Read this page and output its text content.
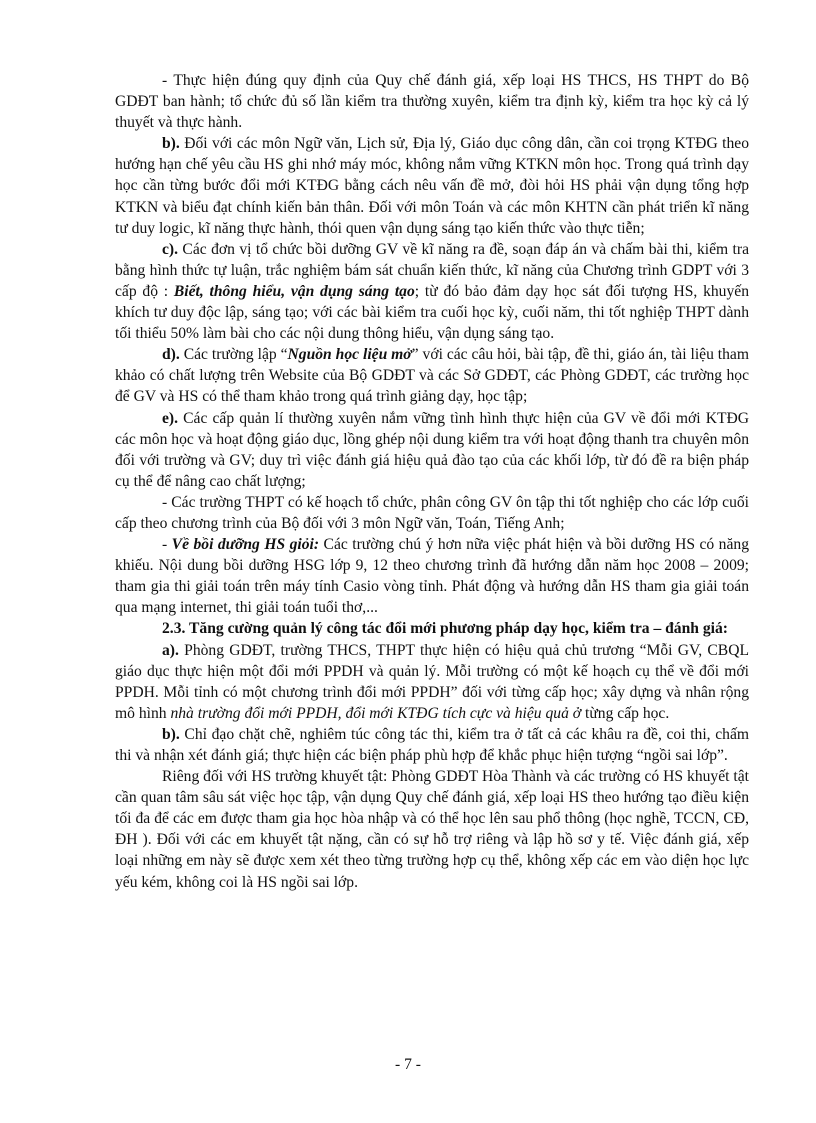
- Thực hiện đúng quy định của Quy chế đánh giá, xếp loại HS THCS, HS THPT do Bộ GDĐT ban hành; tổ chức đủ số lần kiểm tra thường xuyên, kiểm tra định kỳ, kiểm tra học kỳ cả lý thuyết và thực hành.

b). Đối với các môn Ngữ văn, Lịch sử, Địa lý, Giáo dục công dân, cần coi trọng KTĐG theo hướng hạn chế yêu cầu HS ghi nhớ máy móc, không nắm vững KTKN môn học. Trong quá trình dạy học cần từng bước đổi mới KTĐG bằng cách nêu vấn đề mở, đòi hỏi HS phải vận dụng tổng hợp KTKN và biểu đạt chính kiến bản thân. Đối với môn Toán và các môn KHTN cần phát triển kĩ năng tư duy logic, kĩ năng thực hành, thói quen vận dụng sáng tạo kiến thức vào thực tiễn;

c). Các đơn vị tổ chức bồi dưỡng GV về kĩ năng ra đề, soạn đáp án và chấm bài thi, kiểm tra bằng hình thức tự luận, trắc nghiệm bám sát chuẩn kiến thức, kĩ năng của Chương trình GDPT với 3 cấp độ : Biết, thông hiểu, vận dụng sáng tạo; từ đó bảo đảm dạy học sát đối tượng HS, khuyến khích tư duy độc lập, sáng tạo; với các bài kiểm tra cuối học kỳ, cuối năm, thi tốt nghiệp THPT dành tối thiểu 50% làm bài cho các nội dung thông hiểu, vận dụng sáng tạo.

d). Các trường lập “Nguồn học liệu mở” với các câu hỏi, bài tập, đề thi, giáo án, tài liệu tham khảo có chất lượng trên Website của Bộ GDĐT và các Sở GDĐT, các Phòng GDĐT, các trường học để GV và HS có thể tham khảo trong quá trình giảng dạy, học tập;

e). Các cấp quản lí thường xuyên nắm vững tình hình thực hiện của GV về đổi mới KTĐG các môn học và hoạt động giáo dục, lồng ghép nội dung kiểm tra với hoạt động thanh tra chuyên môn đối với trường và GV; duy trì việc đánh giá hiệu quả đào tạo của các khối lớp, từ đó đề ra biện pháp cụ thể để nâng cao chất lượng;

- Các trường THPT có kế hoạch tổ chức, phân công GV ôn tập thi tốt nghiệp cho các lớp cuối cấp theo chương trình của Bộ đối với 3 môn Ngữ văn, Toán, Tiếng Anh;

- Về bồi dưỡng HS giỏi: Các trường chú ý hơn nữa việc phát hiện và bồi dưỡng HS có năng khiếu. Nội dung bồi dưỡng HSG lớp 9, 12 theo chương trình đã hướng dẫn năm học 2008 – 2009; tham gia thi giải toán trên máy tính Casio vòng tỉnh. Phát động và hướng dẫn HS tham gia giải toán qua mạng internet, thi giải toán tuổi thơ,...

2.3. Tăng cường quản lý công tác đổi mới phương pháp dạy học, kiểm tra – đánh giá:

a). Phòng GDĐT, trường THCS, THPT thực hiện có hiệu quả chủ trương “Mỗi GV, CBQL giáo dục thực hiện một đổi mới PPDH và quản lý. Mỗi trường có một kế hoạch cụ thể về đổi mới PPDH. Mỗi tỉnh có một chương trình đổi mới PPDH” đối với từng cấp học; xây dựng và nhân rộng mô hình nhà trường đổi mới PPDH, đổi mới KTĐG tích cực và hiệu quả ở từng cấp học.

b). Chỉ đạo chặt chẽ, nghiêm túc công tác thi, kiểm tra ở tất cả các khâu ra đề, coi thi, chấm thi và nhận xét đánh giá; thực hiện các biện pháp phù hợp để khắc phục hiện tượng “ngồi sai lớp”.

Riêng đối với HS trường khuyết tật: Phòng GDĐT Hòa Thành và các trường có HS khuyết tật cần quan tâm sâu sát việc học tập, vận dụng Quy chế đánh giá, xếp loại HS theo hướng tạo điều kiện tối đa để các em được tham gia học hòa nhập và có thể học lên sau phổ thông (học nghề, TCCN, CĐ, ĐH ). Đối với các em khuyết tật nặng, cần có sự hỗ trợ riêng và lập hồ sơ y tế. Việc đánh giá, xếp loại những em này sẽ được xem xét theo từng trường hợp cụ thể, không xếp các em vào diện học lực yếu kém, không coi là HS ngồi sai lớp.

- 7 -
